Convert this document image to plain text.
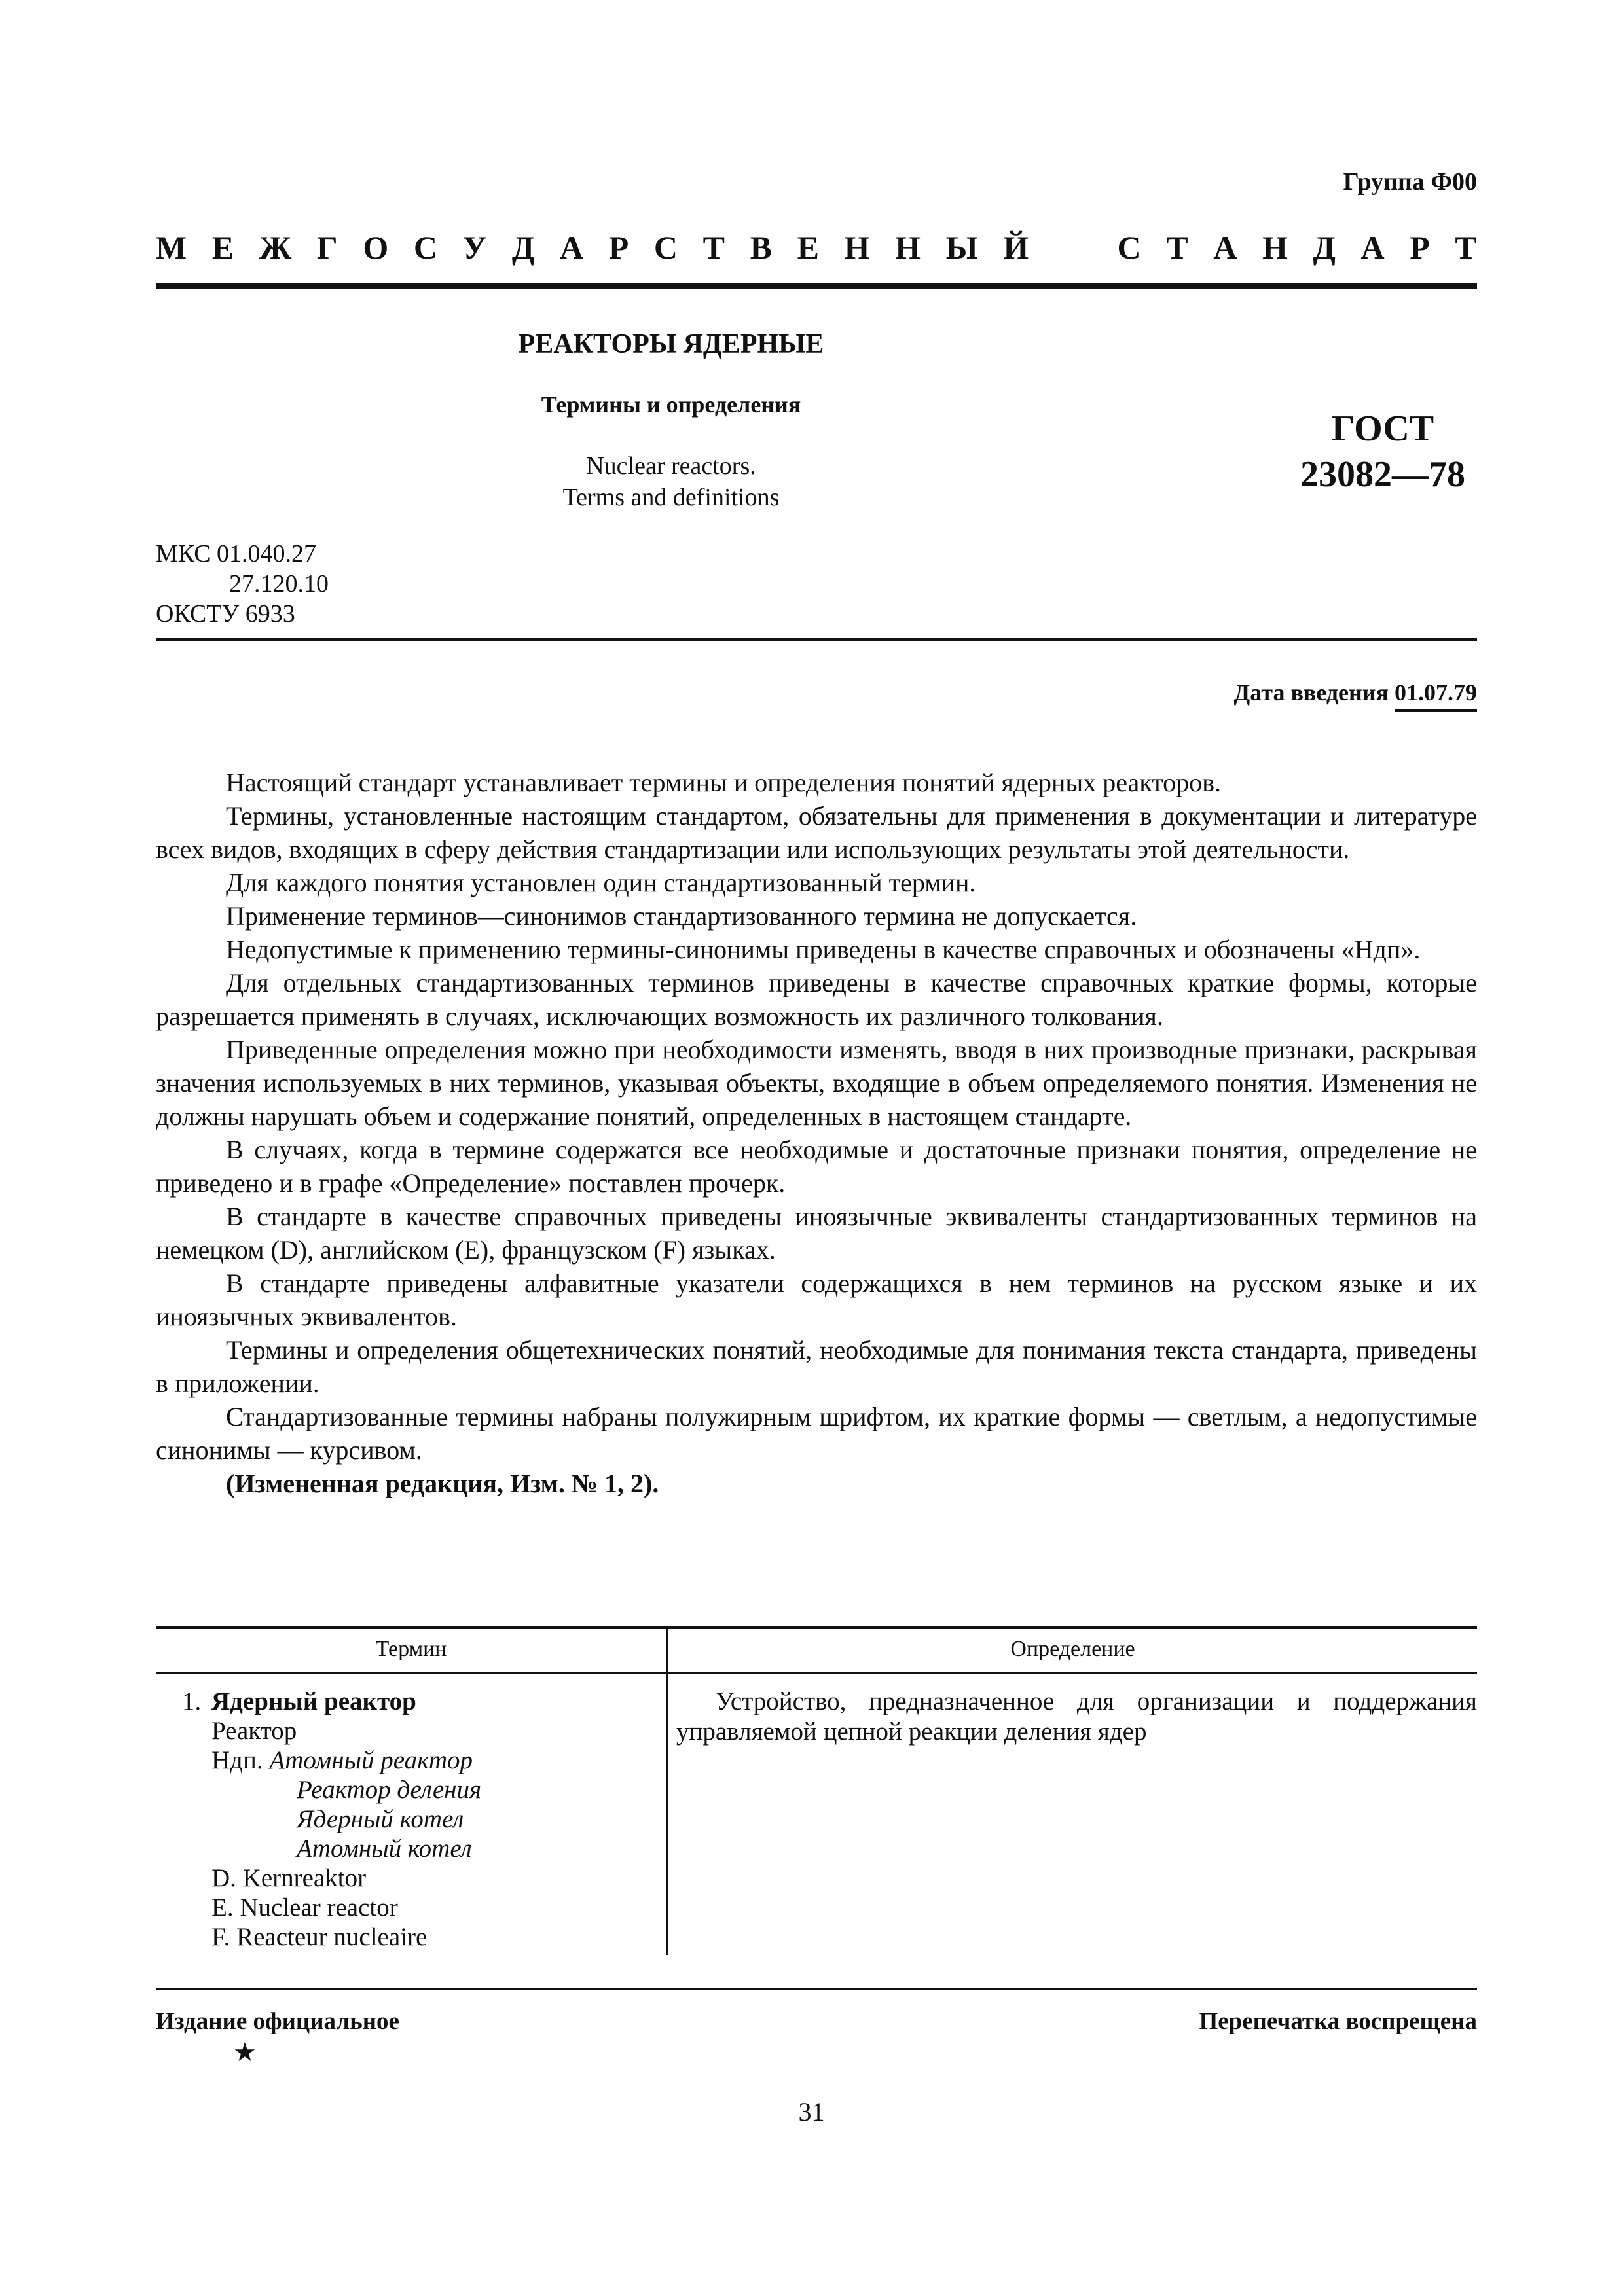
Группа Ф00
М Е Ж Г О С У Д А Р С Т В Е Н Н Ы Й	С Т А Н Д А Р Т
РЕАКТОРЫ ЯДЕРНЫЕ
Термины и определения
Nuclear reactors.
Terms and definitions
ГОСТ
23082—78
МКС 01.040.27
27.120.10
ОКСТУ 6933
Дата введения 01.07.79

Настоящий стандарт устанавливает термины и определения понятий ядерных реакторов.

Термины, установленные настоящим стандартом, обязательны для применения в документации и литературе всех видов, входящих в сферу действия стандартизации или использующих результаты этой деятельности.

Для каждого понятия установлен один стандартизованный термин.

Применение терминов—синонимов стандартизованного термина не допускается.

Недопустимые к применению термины-синонимы приведены в качестве справочных и обозначены «Ндп».

Для отдельных стандартизованных терминов приведены в качестве справочных краткие формы, которые разрешается применять в случаях, исключающих возможность их различного толкования.

Приведенные определения можно при необходимости изменять, вводя в них производные признаки, раскрывая значения используемых в них терминов, указывая объекты, входящие в объем определяемого понятия. Изменения не должны нарушать объем и содержание понятий, определенных в настоящем стандарте.

В случаях, когда в термине содержатся все необходимые и достаточные признаки понятия, определение не приведено и в графе «Определение» поставлен прочерк.

В стандарте в качестве справочных приведены иноязычные эквиваленты стандартизованных терминов на немецком (D), английском (E), французском (F) языках.

В стандарте приведены алфавитные указатели содержащихся в нем терминов на русском языке и их иноязычных эквивалентов.

Термины и определения общетехнических понятий, необходимые для понимания текста стандарта, приведены в приложении.

Стандартизованные термины набраны полужирным шрифтом, их краткие формы — светлым, а недопустимые синонимы — курсивом.

(Измененная редакция, Изм. № 1, 2).

Термин	Определение
1. Ядерный реактор
Реактор
Ндп. Атомный реактор
Реактор деления
Ядерный котел
Атомный котел
D. Kernreaktor
E. Nuclear reactor
F. Reacteur nucleaire

Устройство, предназначенное для организации и поддержания управляемой цепной реакции деления ядер

Издание официальное
★
Перепечатка воспрещена
31
